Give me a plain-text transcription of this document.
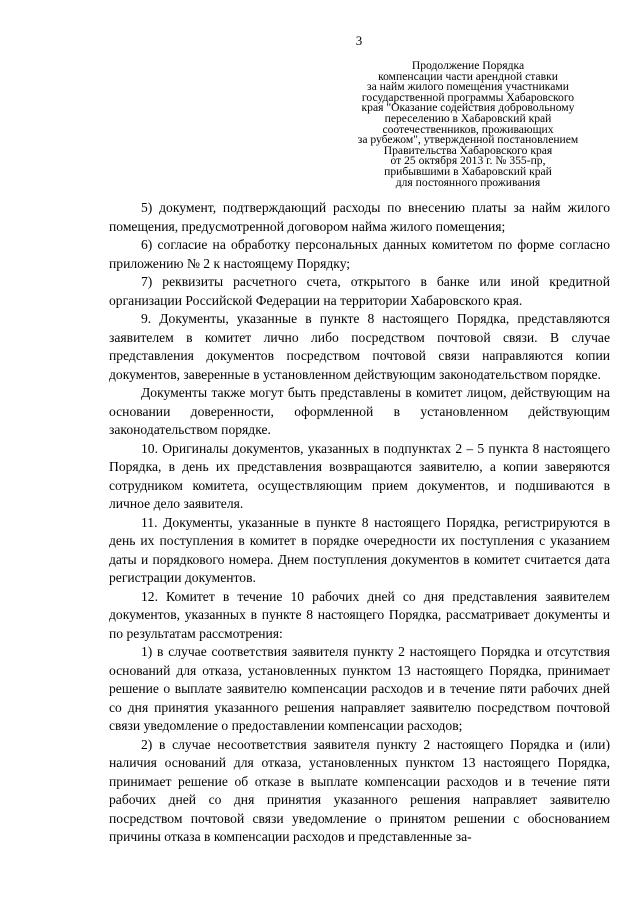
3
Продолжение Порядка
компенсации части арендной ставки
за найм жилого помещения участниками
государственной программы Хабаровского
края "Оказание содействия добровольному
переселению в Хабаровский край
соотечественников, проживающих
за рубежом", утвержденной постановлением
Правительства Хабаровского края
от 25 октября 2013 г. № 355-пр,
прибывшими в Хабаровский край
для постоянного проживания

5) документ, подтверждающий расходы по внесению платы за найм жилого помещения, предусмотренной договором найма жилого помещения;

6) согласие на обработку персональных данных комитетом по форме согласно приложению № 2 к настоящему Порядку;

7) реквизиты расчетного счета, открытого в банке или иной кредитной организации Российской Федерации на территории Хабаровского края.

9. Документы, указанные в пункте 8 настоящего Порядка, представляются заявителем в комитет лично либо посредством почтовой связи. В случае представления документов посредством почтовой связи направляются копии документов, заверенные в установленном действующим законодательством порядке.

Документы также могут быть представлены в комитет лицом, действующим на основании доверенности, оформленной в установленном действующим законодательством порядке.

10. Оригиналы документов, указанных в подпунктах 2 – 5 пункта 8 настоящего Порядка, в день их представления возвращаются заявителю, а копии заверяются сотрудником комитета, осуществляющим прием документов, и подшиваются в личное дело заявителя.

11. Документы, указанные в пункте 8 настоящего Порядка, регистрируются в день их поступления в комитет в порядке очередности их поступления с указанием даты и порядкового номера. Днем поступления документов в комитет считается дата регистрации документов.

12. Комитет в течение 10 рабочих дней со дня представления заявителем документов, указанных в пункте 8 настоящего Порядка, рассматривает документы и по результатам рассмотрения:

1) в случае соответствия заявителя пункту 2 настоящего Порядка и отсутствия оснований для отказа, установленных пунктом 13 настоящего Порядка, принимает решение о выплате заявителю компенсации расходов и в течение пяти рабочих дней со дня принятия указанного решения направляет заявителю посредством почтовой связи уведомление о предоставлении компенсации расходов;

2) в случае несоответствия заявителя пункту 2 настоящего Порядка и (или) наличия оснований для отказа, установленных пунктом 13 настоящего Порядка, принимает решение об отказе в выплате компенсации расходов и в течение пяти рабочих дней со дня принятия указанного решения направляет заявителю посредством почтовой связи уведомление о принятом решении с обоснованием причины отказа в компенсации расходов и представленные за-
